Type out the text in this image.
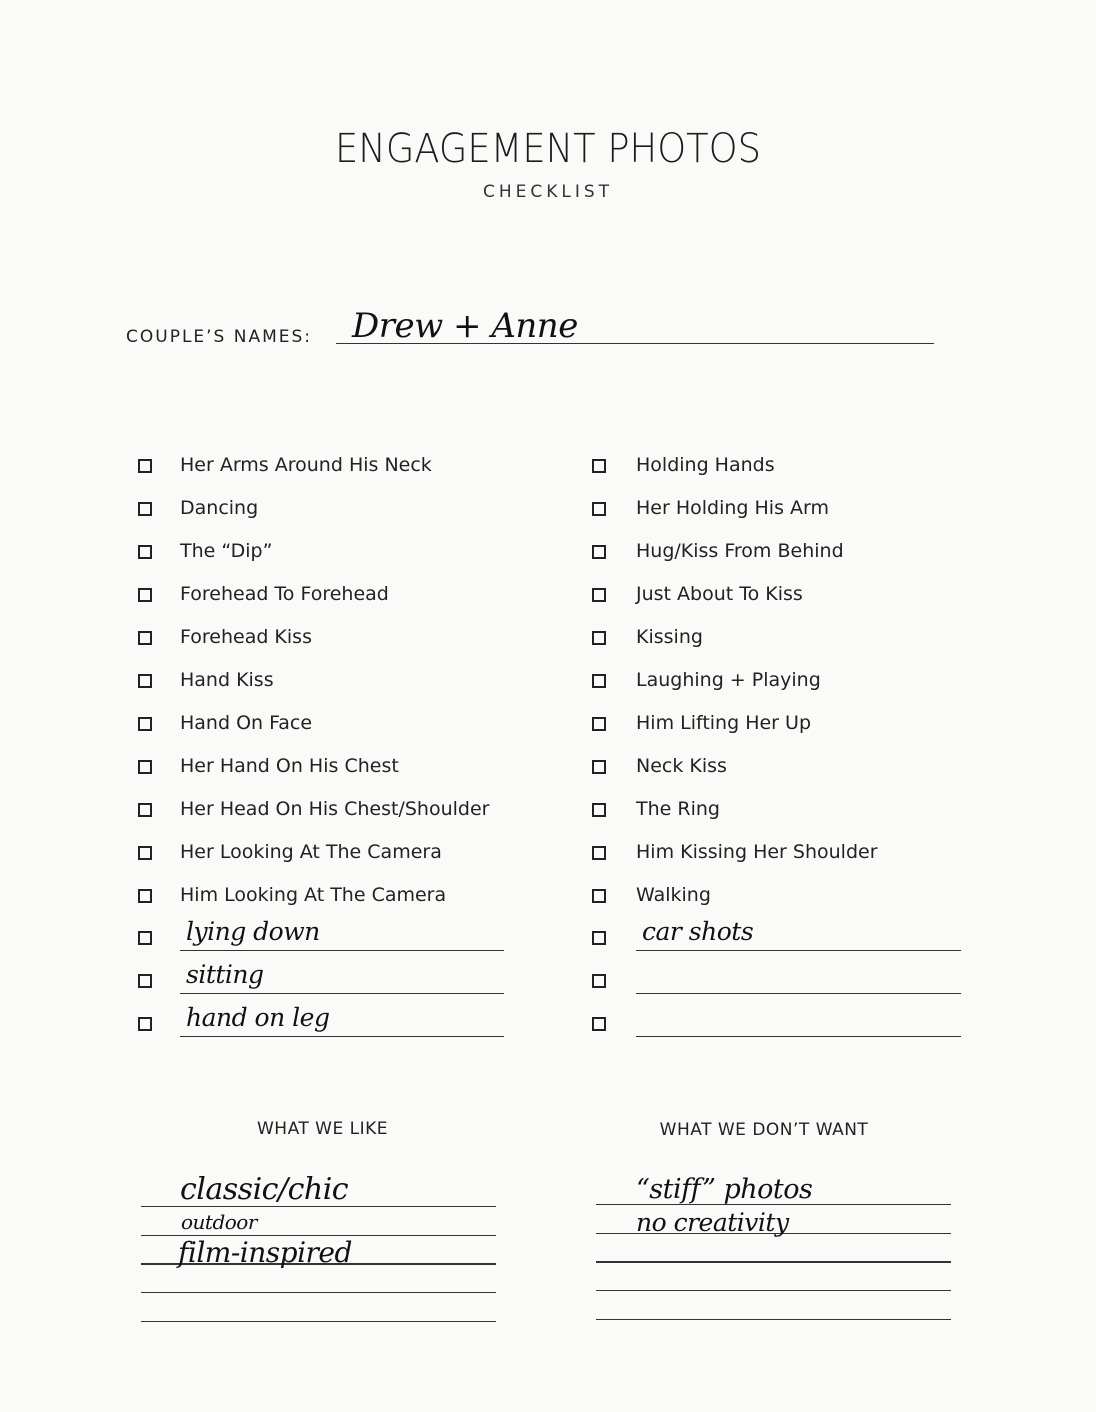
ENGAGEMENT PHOTOS
CHECKLIST
COUPLE’S NAMES: Drew + Anne
Her Arms Around His Neck
Dancing
The “Dip”
Forehead To Forehead
Forehead Kiss
Hand Kiss
Hand On Face
Her Hand On His Chest
Her Head On His Chest/Shoulder
Her Looking At The Camera
Him Looking At The Camera
lying down
sitting
hand on leg
Holding Hands
Her Holding His Arm
Hug/Kiss From Behind
Just About To Kiss
Kissing
Laughing + Playing
Him Lifting Her Up
Neck Kiss
The Ring
Him Kissing Her Shoulder
Walking
car shots
WHAT WE LIKE
classic/chic
outdoor
film-inspired
WHAT WE DON’T WANT
“stiff” photos
no creativity
